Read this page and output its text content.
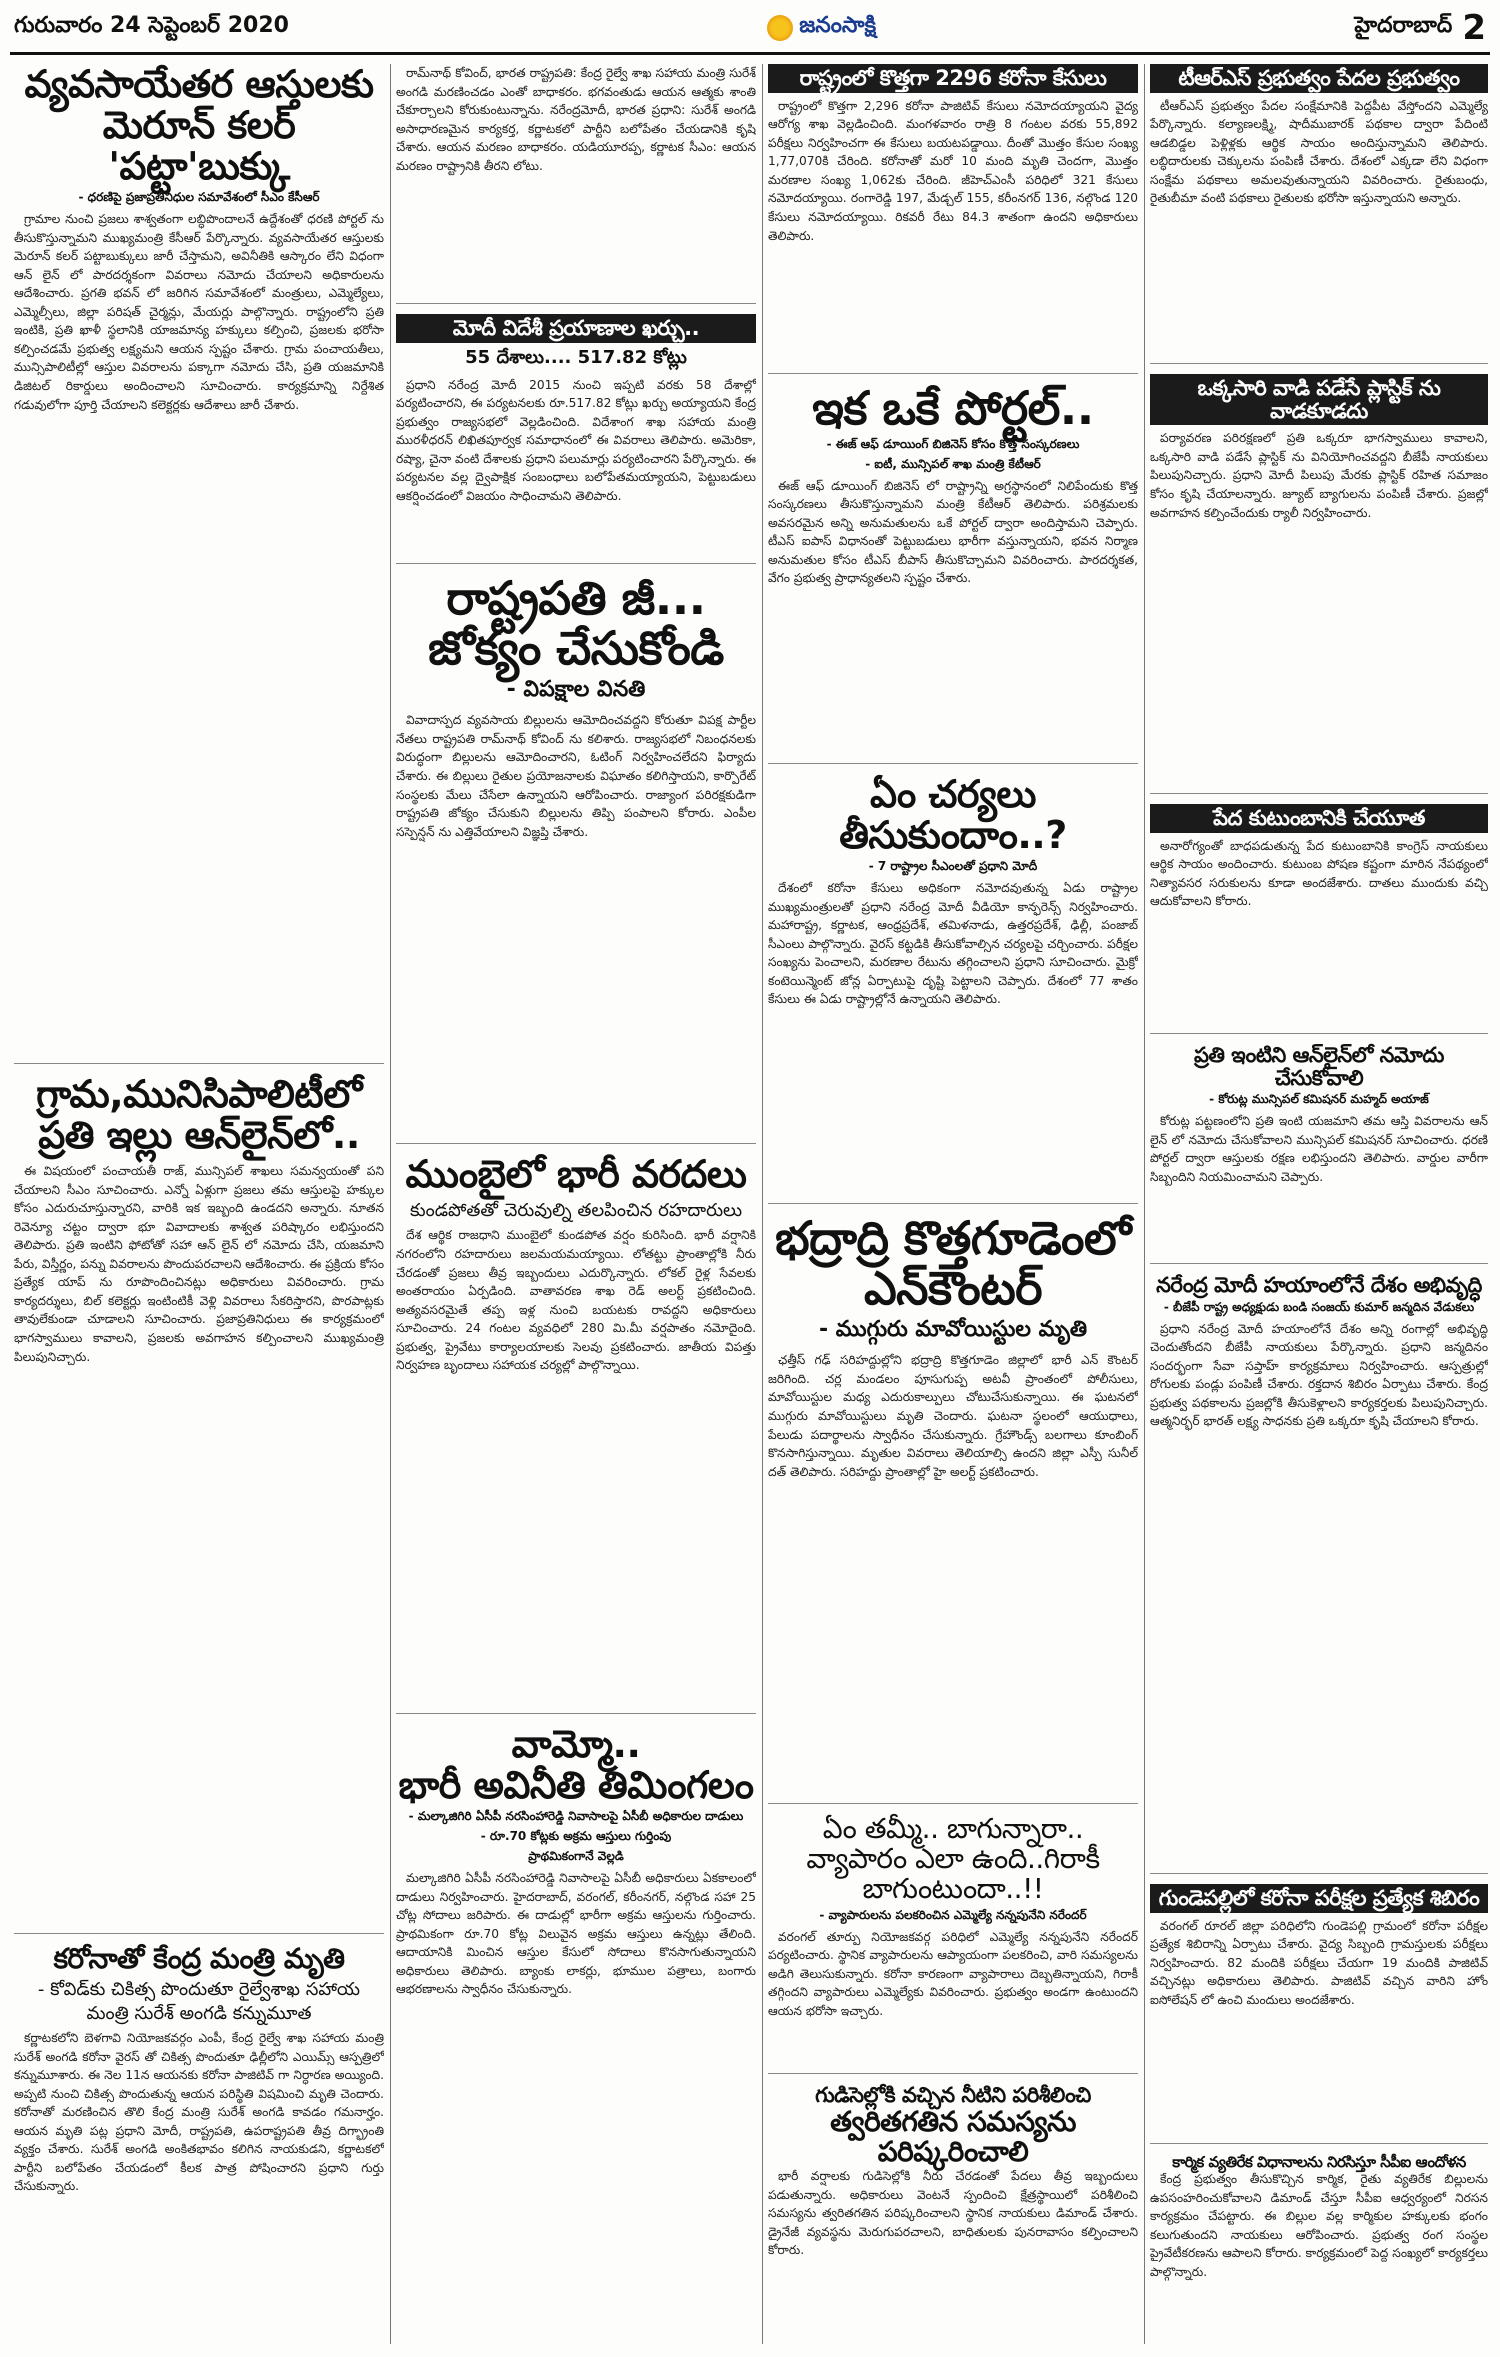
గురువారం 24 సెప్టెంబర్ 2020	జనంసాక్షి	హైదరాబాద్ 2
వ్యవసాయేతర ఆస్తులకు
మెరూన్ కలర్ 'పట్టా'బుక్కు
- ధరణిపై ప్రజాప్రతినిధుల సమావేశంలో సీఎం కేసీఆర్

గ్రామాల నుంచి ప్రజలు శాశ్వతంగా లబ్ధిపొందాలనే ఉద్దేశంతో ధరణి పోర్టల్ ను తీసుకొస్తున్నామని ముఖ్యమంత్రి కేసీఆర్ పేర్కొన్నారు. వ్యవసాయేతర ఆస్తులకు మెరూన్ కలర్ పట్టాబుక్కులు జారీ చేస్తామని, అవినీతికి ఆస్కారం లేని విధంగా ఆన్ లైన్ లో పారదర్శకంగా వివరాలు నమోదు చేయాలని అధికారులను ఆదేశించారు. ప్రగతి భవన్ లో జరిగిన సమావేశంలో మంత్రులు, ఎమ్మెల్యేలు, ఎమ్మెల్సీలు, జిల్లా పరిషత్ చైర్మన్లు, మేయర్లు పాల్గొన్నారు. రాష్ట్రంలోని ప్రతి ఇంటికి, ప్రతి ఖాళీ స్థలానికి యాజమాన్య హక్కులు కల్పించి, ప్రజలకు భరోసా కల్పించడమే ప్రభుత్వ లక్ష్యమని ఆయన స్పష్టం చేశారు. గ్రామ పంచాయతీలు, మున్సిపాలిటీల్లో ఆస్తుల వివరాలను పక్కాగా నమోదు చేసి, ప్రతి యజమానికి డిజిటల్ రికార్డులు అందించాలని సూచించారు. కార్యక్రమాన్ని నిర్దేశిత గడువులోగా పూర్తి చేయాలని కలెక్టర్లకు ఆదేశాలు జారీ చేశారు.

గ్రామ,మునిసిపాలిటీలో
ప్రతి ఇల్లు ఆన్‌లైన్‌లో..

ఈ విషయంలో పంచాయతీ రాజ్, మున్సిపల్ శాఖలు సమన్వయంతో పని చేయాలని సీఎం సూచించారు. ఎన్నో ఏళ్లుగా ప్రజలు తమ ఆస్తులపై హక్కుల కోసం ఎదురుచూస్తున్నారని, వారికి ఇక ఇబ్బంది ఉండదని అన్నారు. నూతన రెవెన్యూ చట్టం ద్వారా భూ వివాదాలకు శాశ్వత పరిష్కారం లభిస్తుందని తెలిపారు. ప్రతి ఇంటిని ఫోటోతో సహా ఆన్ లైన్ లో నమోదు చేసి, యజమాని పేరు, విస్తీర్ణం, పన్ను వివరాలను పొందుపరచాలని ఆదేశించారు. ఈ ప్రక్రియ కోసం ప్రత్యేక యాప్ ను రూపొందించినట్లు అధికారులు వివరించారు. గ్రామ కార్యదర్శులు, బిల్ కలెక్టర్లు ఇంటింటికీ వెళ్లి వివరాలు సేకరిస్తారని, పొరపాట్లకు తావులేకుండా చూడాలని సూచించారు. ప్రజాప్రతినిధులు ఈ కార్యక్రమంలో భాగస్వాములు కావాలని, ప్రజలకు అవగాహన కల్పించాలని ముఖ్యమంత్రి పిలుపునిచ్చారు.

కరోనాతో కేంద్ర మంత్రి మృతి
- కోవిడ్‌కు చికిత్స పొందుతూ రైల్వేశాఖ సహాయ మంత్రి సురేశ్ అంగడి కన్నుమూత

కర్ణాటకలోని బెళగావి నియోజకవర్గం ఎంపీ, కేంద్ర రైల్వే శాఖ సహాయ మంత్రి సురేశ్ అంగడి కరోనా వైరస్ తో చికిత్స పొందుతూ ఢిల్లీలోని ఎయిమ్స్ ఆస్పత్రిలో కన్నుమూశారు. ఈ నెల 11న ఆయనకు కరోనా పాజిటివ్ గా నిర్ధారణ అయ్యింది. అప్పటి నుంచి చికిత్స పొందుతున్న ఆయన పరిస్థితి విషమించి మృతి చెందారు. కరోనాతో మరణించిన తొలి కేంద్ర మంత్రి సురేశ్ అంగడి కావడం గమనార్హం. ఆయన మృతి పట్ల ప్రధాని మోదీ, రాష్ట్రపతి, ఉపరాష్ట్రపతి తీవ్ర దిగ్భ్రాంతి వ్యక్తం చేశారు. సురేశ్ అంగడి అంకితభావం కలిగిన నాయకుడని, కర్ణాటకలో పార్టీని బలోపేతం చేయడంలో కీలక పాత్ర పోషించారని ప్రధాని గుర్తు చేసుకున్నారు.

రామ్‌నాథ్ కోవింద్, భారత రాష్ట్రపతి: కేంద్ర రైల్వే శాఖ సహాయ మంత్రి సురేశ్ అంగడి మరణించడం ఎంతో బాధాకరం. భగవంతుడు ఆయన ఆత్మకు శాంతి చేకూర్చాలని కోరుకుంటున్నాను. నరేంద్రమోదీ, భారత ప్రధాని: సురేశ్ అంగడి అసాధారణమైన కార్యకర్త, కర్ణాటకలో పార్టీని బలోపేతం చేయడానికి కృషి చేశారు. ఆయన మరణం బాధాకరం. యడియూరప్ప, కర్ణాటక సీఎం: ఆయన మరణం రాష్ట్రానికి తీరని లోటు.

మోదీ విదేశీ ప్రయాణాల ఖర్చు..
55 దేశాలు.... 517.82 కోట్లు

ప్రధాని నరేంద్ర మోదీ 2015 నుంచి ఇప్పటి వరకు 58 దేశాల్లో పర్యటించారని, ఈ పర్యటనలకు రూ.517.82 కోట్లు ఖర్చు అయ్యాయని కేంద్ర ప్రభుత్వం రాజ్యసభలో వెల్లడించింది. విదేశాంగ శాఖ సహాయ మంత్రి మురళీధరన్ లిఖితపూర్వక సమాధానంలో ఈ వివరాలు తెలిపారు. అమెరికా, రష్యా, చైనా వంటి దేశాలకు ప్రధాని పలుమార్లు పర్యటించారని పేర్కొన్నారు. ఈ పర్యటనల వల్ల ద్వైపాక్షిక సంబంధాలు బలోపేతమయ్యాయని, పెట్టుబడులు ఆకర్షించడంలో విజయం సాధించామని తెలిపారు.

రాష్ట్రపతి జీ...
జోక్యం చేసుకోండి
- విపక్షాల వినతి

వివాదాస్పద వ్యవసాయ బిల్లులను ఆమోదించవద్దని కోరుతూ విపక్ష పార్టీల నేతలు రాష్ట్రపతి రామ్‌నాథ్ కోవింద్ ను కలిశారు. రాజ్యసభలో నిబంధనలకు విరుద్ధంగా బిల్లులను ఆమోదించారని, ఓటింగ్ నిర్వహించలేదని ఫిర్యాదు చేశారు. ఈ బిల్లులు రైతుల ప్రయోజనాలకు విఘాతం కలిగిస్తాయని, కార్పొరేట్ సంస్థలకు మేలు చేసేలా ఉన్నాయని ఆరోపించారు. రాజ్యాంగ పరిరక్షకుడిగా రాష్ట్రపతి జోక్యం చేసుకుని బిల్లులను తిప్పి పంపాలని కోరారు. ఎంపీల సస్పెన్షన్ ను ఎత్తివేయాలని విజ్ఞప్తి చేశారు.

ముంబైలో భారీ వరదలు
కుండపోతతో చెరువుల్ని తలపించిన రహదారులు

దేశ ఆర్థిక రాజధాని ముంబైలో కుండపోత వర్షం కురిసింది. భారీ వర్షానికి నగరంలోని రహదారులు జలమయమయ్యాయి. లోతట్టు ప్రాంతాల్లోకి నీరు చేరడంతో ప్రజలు తీవ్ర ఇబ్బందులు ఎదుర్కొన్నారు. లోకల్ రైళ్ల సేవలకు అంతరాయం ఏర్పడింది. వాతావరణ శాఖ రెడ్ అలర్ట్ ప్రకటించింది. అత్యవసరమైతే తప్ప ఇళ్ల నుంచి బయటకు రావద్దని అధికారులు సూచించారు. 24 గంటల వ్యవధిలో 280 మి.మీ వర్షపాతం నమోదైంది. ప్రభుత్వ, ప్రైవేటు కార్యాలయాలకు సెలవు ప్రకటించారు. జాతీయ విపత్తు నిర్వహణ బృందాలు సహాయక చర్యల్లో పాల్గొన్నాయి.

వామ్మో..
భారీ అవినీతి తిమింగలం
- మల్కాజిగిరి ఏసీపీ నరసింహారెడ్డి నివాసాలపై ఏసీబీ అధికారుల దాడులు
- రూ.70 కోట్లకు అక్రమ ఆస్తులు గుర్తింపు
ప్రాథమికంగానే వెల్లడి

మల్కాజిగిరి ఏసీపీ నరసింహారెడ్డి నివాసాలపై ఏసీబీ అధికారులు ఏకకాలంలో దాడులు నిర్వహించారు. హైదరాబాద్, వరంగల్, కరీంనగర్, నల్గొండ సహా 25 చోట్ల సోదాలు జరిపారు. ఈ దాడుల్లో భారీగా అక్రమ ఆస్తులను గుర్తించారు. ప్రాథమికంగా రూ.70 కోట్ల విలువైన అక్రమ ఆస్తులు ఉన్నట్లు తేలింది. ఆదాయానికి మించిన ఆస్తుల కేసులో సోదాలు కొనసాగుతున్నాయని అధికారులు తెలిపారు. బ్యాంకు లాకర్లు, భూముల పత్రాలు, బంగారు ఆభరణాలను స్వాధీనం చేసుకున్నారు.

రాష్ట్రంలో కొత్తగా 2296 కరోనా కేసులు

రాష్ట్రంలో కొత్తగా 2,296 కరోనా పాజిటివ్ కేసులు నమోదయ్యాయని వైద్య ఆరోగ్య శాఖ వెల్లడించింది. మంగళవారం రాత్రి 8 గంటల వరకు 55,892 పరీక్షలు నిర్వహించగా ఈ కేసులు బయటపడ్డాయి. దీంతో మొత్తం కేసుల సంఖ్య 1,77,070కి చేరింది. కరోనాతో మరో 10 మంది మృతి చెందగా, మొత్తం మరణాల సంఖ్య 1,062కు చేరింది. జీహెచ్ఎంసీ పరిధిలో 321 కేసులు నమోదయ్యాయి. రంగారెడ్డి 197, మేడ్చల్ 155, కరీంనగర్ 136, నల్గొండ 120 కేసులు నమోదయ్యాయి. రికవరీ రేటు 84.3 శాతంగా ఉందని అధికారులు తెలిపారు.

ఇక ఒకే పోర్టల్..
- ఈజ్ ఆఫ్ డూయింగ్ బిజినెస్ కోసం కొత్త సంస్కరణలు
- ఐటీ, మున్సిపల్ శాఖ మంత్రి కేటీఆర్

ఈజ్ ఆఫ్ డూయింగ్ బిజినెస్ లో రాష్ట్రాన్ని అగ్రస్థానంలో నిలిపేందుకు కొత్త సంస్కరణలు తీసుకొస్తున్నామని మంత్రి కేటీఆర్ తెలిపారు. పరిశ్రమలకు అవసరమైన అన్ని అనుమతులను ఒకే పోర్టల్ ద్వారా అందిస్తామని చెప్పారు. టీఎస్ ఐపాస్ విధానంతో పెట్టుబడులు భారీగా వస్తున్నాయని, భవన నిర్మాణ అనుమతుల కోసం టీఎస్ బీపాస్ తీసుకొచ్చామని వివరించారు. పారదర్శకత, వేగం ప్రభుత్వ ప్రాధాన్యతలని స్పష్టం చేశారు.

ఏం చర్యలు తీసుకుందాం..?
- 7 రాష్ట్రాల సీఎంలతో ప్రధాని మోదీ

దేశంలో కరోనా కేసులు అధికంగా నమోదవుతున్న ఏడు రాష్ట్రాల ముఖ్యమంత్రులతో ప్రధాని నరేంద్ర మోదీ వీడియో కాన్ఫరెన్స్ నిర్వహించారు. మహారాష్ట్ర, కర్ణాటక, ఆంధ్రప్రదేశ్, తమిళనాడు, ఉత్తరప్రదేశ్, ఢిల్లీ, పంజాబ్ సీఎంలు పాల్గొన్నారు. వైరస్ కట్టడికి తీసుకోవాల్సిన చర్యలపై చర్చించారు. పరీక్షల సంఖ్యను పెంచాలని, మరణాల రేటును తగ్గించాలని ప్రధాని సూచించారు. మైక్రో కంటెయిన్మెంట్ జోన్ల ఏర్పాటుపై దృష్టి పెట్టాలని చెప్పారు. దేశంలో 77 శాతం కేసులు ఈ ఏడు రాష్ట్రాల్లోనే ఉన్నాయని తెలిపారు.

భద్రాద్రి కొత్తగూడెంలో
ఎన్‌కౌంటర్
- ముగ్గురు మావోయిస్టుల మృతి

ఛత్తీస్ గఢ్ సరిహద్దుల్లోని భద్రాద్రి కొత్తగూడెం జిల్లాలో భారీ ఎన్ కౌంటర్ జరిగింది. చర్ల మండలం పూసుగుప్ప అటవీ ప్రాంతంలో పోలీసులు, మావోయిస్టుల మధ్య ఎదురుకాల్పులు చోటుచేసుకున్నాయి. ఈ ఘటనలో ముగ్గురు మావోయిస్టులు మృతి చెందారు. ఘటనా స్థలంలో ఆయుధాలు, పేలుడు పదార్థాలను స్వాధీనం చేసుకున్నారు. గ్రేహౌండ్స్ బలగాలు కూంబింగ్ కొనసాగిస్తున్నాయి. మృతుల వివరాలు తెలియాల్సి ఉందని జిల్లా ఎస్పీ సునీల్ దత్ తెలిపారు. సరిహద్దు ప్రాంతాల్లో హై అలర్ట్ ప్రకటించారు.

ఏం తమ్మీ.. బాగున్నారా..
వ్యాపారం ఎలా ఉంది..గిరాకీ బాగుంటుందా..!!
- వ్యాపారులను పలకరించిన ఎమ్మెల్యే నన్నపునేని నరేందర్

వరంగల్ తూర్పు నియోజకవర్గ పరిధిలో ఎమ్మెల్యే నన్నపునేని నరేందర్ పర్యటించారు. స్థానిక వ్యాపారులను ఆప్యాయంగా పలకరించి, వారి సమస్యలను అడిగి తెలుసుకున్నారు. కరోనా కారణంగా వ్యాపారాలు దెబ్బతిన్నాయని, గిరాకీ తగ్గిందని వ్యాపారులు ఎమ్మెల్యేకు వివరించారు. ప్రభుత్వం అండగా ఉంటుందని ఆయన భరోసా ఇచ్చారు.

గుడిసెల్లోకి వచ్చిన నీటిని పరిశీలించి
త్వరితగతిన సమస్యను పరిష్కరించాలి

భారీ వర్షాలకు గుడిసెల్లోకి నీరు చేరడంతో పేదలు తీవ్ర ఇబ్బందులు పడుతున్నారు. అధికారులు వెంటనే స్పందించి క్షేత్రస్థాయిలో పరిశీలించి సమస్యను త్వరితగతిన పరిష్కరించాలని స్థానిక నాయకులు డిమాండ్ చేశారు. డ్రైనేజీ వ్యవస్థను మెరుగుపరచాలని, బాధితులకు పునరావాసం కల్పించాలని కోరారు.

టీఆర్ఎస్ ప్రభుత్వం పేదల ప్రభుత్వం

టీఆర్ఎస్ ప్రభుత్వం పేదల సంక్షేమానికి పెద్దపీట వేస్తోందని ఎమ్మెల్యే పేర్కొన్నారు. కల్యాణలక్ష్మి, షాదీముబారక్ పథకాల ద్వారా పేదింటి ఆడబిడ్డల పెళ్లిళ్లకు ఆర్థిక సాయం అందిస్తున్నామని తెలిపారు. లబ్ధిదారులకు చెక్కులను పంపిణీ చేశారు. దేశంలో ఎక్కడా లేని విధంగా సంక్షేమ పథకాలు అమలవుతున్నాయని వివరించారు. రైతుబంధు, రైతుబీమా వంటి పథకాలు రైతులకు భరోసా ఇస్తున్నాయని అన్నారు.

ఒక్కసారి వాడి పడేసే ప్లాస్టిక్ ను వాడకూడదు

పర్యావరణ పరిరక్షణలో ప్రతి ఒక్కరూ భాగస్వాములు కావాలని, ఒక్కసారి వాడి పడేసే ప్లాస్టిక్ ను వినియోగించవద్దని బీజేపీ నాయకులు పిలుపునిచ్చారు. ప్రధాని మోదీ పిలుపు మేరకు ప్లాస్టిక్ రహిత సమాజం కోసం కృషి చేయాలన్నారు. జ్యూట్ బ్యాగులను పంపిణీ చేశారు. ప్రజల్లో అవగాహన కల్పించేందుకు ర్యాలీ నిర్వహించారు.

పేద కుటుంబానికి చేయూత

అనారోగ్యంతో బాధపడుతున్న పేద కుటుంబానికి కాంగ్రెస్ నాయకులు ఆర్థిక సాయం అందించారు. కుటుంబ పోషణ కష్టంగా మారిన నేపథ్యంలో నిత్యావసర సరుకులను కూడా అందజేశారు. దాతలు ముందుకు వచ్చి ఆదుకోవాలని కోరారు.

ప్రతి ఇంటిని ఆన్‌లైన్‌లో నమోదు చేసుకోవాలి
- కోరుట్ల మున్సిపల్ కమిషనర్ మహ్మద్ అయాజ్

కోరుట్ల పట్టణంలోని ప్రతి ఇంటి యజమాని తమ ఆస్తి వివరాలను ఆన్ లైన్ లో నమోదు చేసుకోవాలని మున్సిపల్ కమిషనర్ సూచించారు. ధరణి పోర్టల్ ద్వారా ఆస్తులకు రక్షణ లభిస్తుందని తెలిపారు. వార్డుల వారీగా సిబ్బందిని నియమించామని చెప్పారు.

నరేంద్ర మోదీ హయాంలోనే దేశం అభివృద్ధి
- బీజేపీ రాష్ట్ర అధ్యక్షుడు బండి సంజయ్ కుమార్ జన్మదిన వేడుకలు

ప్రధాని నరేంద్ర మోదీ హయాంలోనే దేశం అన్ని రంగాల్లో అభివృద్ధి చెందుతోందని బీజేపీ నాయకులు పేర్కొన్నారు. ప్రధాని జన్మదినం సందర్భంగా సేవా సప్తాహ్ కార్యక్రమాలు నిర్వహించారు. ఆస్పత్రుల్లో రోగులకు పండ్లు పంపిణీ చేశారు. రక్తదాన శిబిరం ఏర్పాటు చేశారు. కేంద్ర ప్రభుత్వ పథకాలను ప్రజల్లోకి తీసుకెళ్లాలని కార్యకర్తలకు పిలుపునిచ్చారు. ఆత్మనిర్భర్ భారత్ లక్ష్య సాధనకు ప్రతి ఒక్కరూ కృషి చేయాలని కోరారు.

గుండెపల్లిలో కరోనా పరీక్షల ప్రత్యేక శిబిరం

వరంగల్ రూరల్ జిల్లా పరిధిలోని గుండెపల్లి గ్రామంలో కరోనా పరీక్షల ప్రత్యేక శిబిరాన్ని ఏర్పాటు చేశారు. వైద్య సిబ్బంది గ్రామస్తులకు పరీక్షలు నిర్వహించారు. 82 మందికి పరీక్షలు చేయగా 19 మందికి పాజిటివ్ వచ్చినట్లు అధికారులు తెలిపారు. పాజిటివ్ వచ్చిన వారిని హోం ఐసోలేషన్ లో ఉంచి మందులు అందజేశారు.

కార్మిక వ్యతిరేక విధానాలను నిరసిస్తూ సీపీఐ ఆందోళన

కేంద్ర ప్రభుత్వం తీసుకొచ్చిన కార్మిక, రైతు వ్యతిరేక బిల్లులను ఉపసంహరించుకోవాలని డిమాండ్ చేస్తూ సీపీఐ ఆధ్వర్యంలో నిరసన కార్యక్రమం చేపట్టారు. ఈ బిల్లుల వల్ల కార్మికుల హక్కులకు భంగం కలుగుతుందని నాయకులు ఆరోపించారు. ప్రభుత్వ రంగ సంస్థల ప్రైవేటీకరణను ఆపాలని కోరారు. కార్యక్రమంలో పెద్ద సంఖ్యలో కార్యకర్తలు పాల్గొన్నారు.
